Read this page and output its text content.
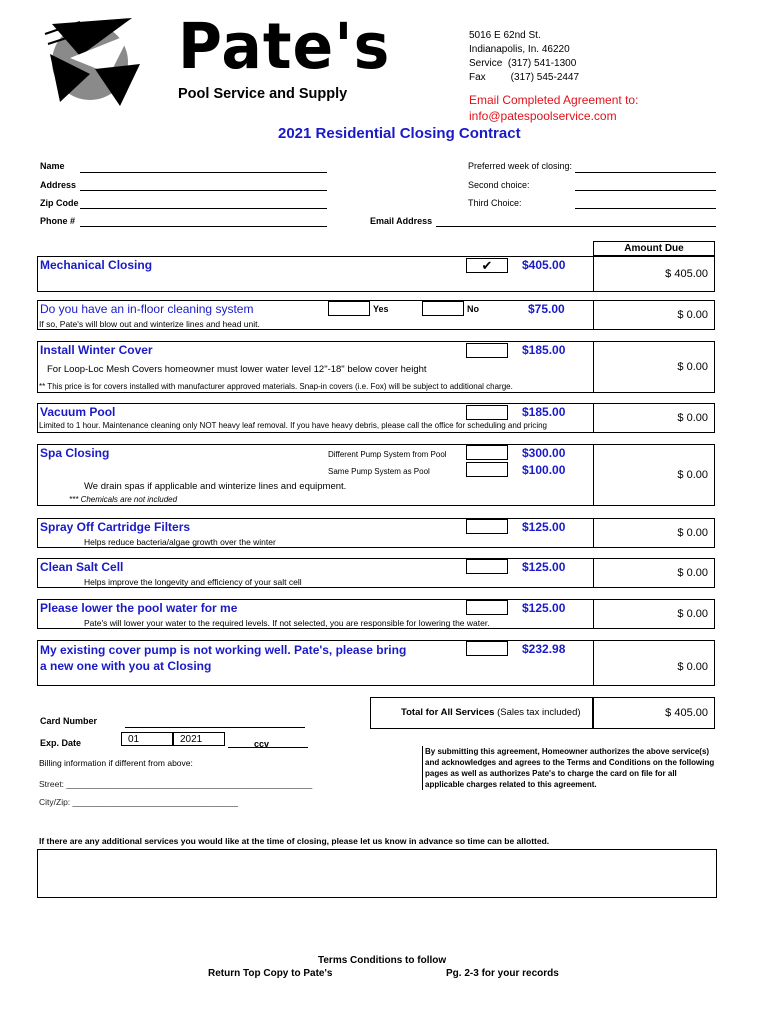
Pate's
Pool Service and Supply
5016 E 62nd St.
Indianapolis, In. 46220
Service  (317) 541-1300
Fax         (317) 545-2447
Email Completed Agreement to:
info@patespoolservice.com
2021 Residential Closing Contract
Name
Address
Zip Code
Phone #	Email Address
Preferred week of closing:
Second choice:
Third Choice:
Amount Due
Mechanical Closing	✔	$405.00
$ 405.00
Do you have an in-floor cleaning system	Yes	No	$75.00
If so, Pate's will blow out and winterize lines and head unit.
$ 0.00
Install Winter Cover	$185.00
For Loop-Loc Mesh Covers homeowner must lower water level 12"-18" below cover height
** This price is for covers installed with manufacturer approved materials. Snap-in covers (i.e. Fox) will be subject to additional charge.
$ 0.00
Vacuum Pool	$185.00
Limited to 1 hour. Maintenance cleaning only NOT heavy leaf removal. If you have heavy debris, please call the office for scheduling and pricing
$ 0.00
Spa Closing	Different Pump System from Pool	$300.00
Same Pump System as Pool	$100.00
We drain spas if applicable and winterize lines and equipment.
*** Chemicals are not included
$ 0.00
Spray Off Cartridge Filters	$125.00
Helps reduce bacteria/algae growth over the winter
$ 0.00
Clean Salt Cell	$125.00
Helps improve the longevity and efficiency of your salt cell
$ 0.00
Please lower the pool water for me	$125.00
Pate's will lower your water to the required levels. If not selected, you are responsible for lowering the water.
$ 0.00
My existing cover pump is not working well. Pate's, please bring
a new one with you at Closing
$232.98
$ 0.00
Total for All Services (Sales tax included)	$ 405.00
Card Number
Exp. Date	01	2021	ccv
Billing information if different from above:
Street: ____________________________________________________
City/Zip: ___________________________________
By submitting this agreement, Homeowner authorizes the above service(s) and acknowledges and agrees to the Terms and Conditions on the following pages as well as authorizes Pate's to charge the card on file for all applicable charges related to this agreement.
If there are any additional services you would like at the time of closing, please let us know in advance so time can be allotted.
Terms Conditions to follow
Return Top Copy to Pate's	Pg. 2-3 for your records
